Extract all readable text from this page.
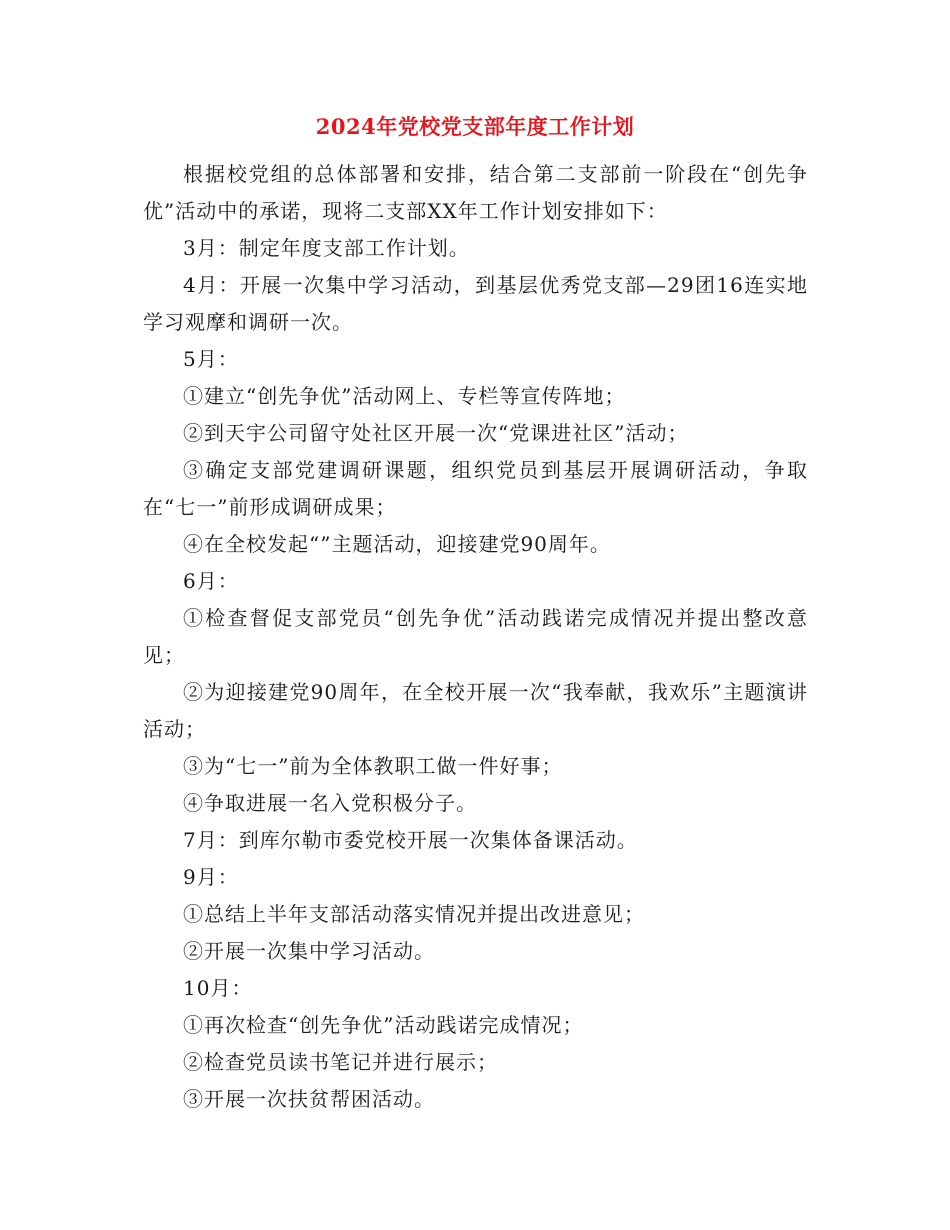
2024年党校党支部年度工作计划

根据校党组的总体部署和安排，结合第二支部前一阶段在“创先争优”活动中的承诺，现将二支部XX年工作计划安排如下：

3月：制定年度支部工作计划。

4月：开展一次集中学习活动，到基层优秀党支部—29团16连实地学习观摩和调研一次。

5月：

①建立“创先争优”活动网上、专栏等宣传阵地；

②到天宇公司留守处社区开展一次“党课进社区”活动；

③确定支部党建调研课题，组织党员到基层开展调研活动，争取在“七一”前形成调研成果；

④在全校发起“”主题活动，迎接建党90周年。

6月：

①检查督促支部党员“创先争优”活动践诺完成情况并提出整改意见；

②为迎接建党90周年，在全校开展一次“我奉献，我欢乐”主题演讲活动；

③为“七一”前为全体教职工做一件好事；

④争取进展一名入党积极分子。

7月：到库尔勒市委党校开展一次集体备课活动。

9月：

①总结上半年支部活动落实情况并提出改进意见；

②开展一次集中学习活动。

10月：

①再次检查“创先争优”活动践诺完成情况；

②检查党员读书笔记并进行展示；

③开展一次扶贫帮困活动。
